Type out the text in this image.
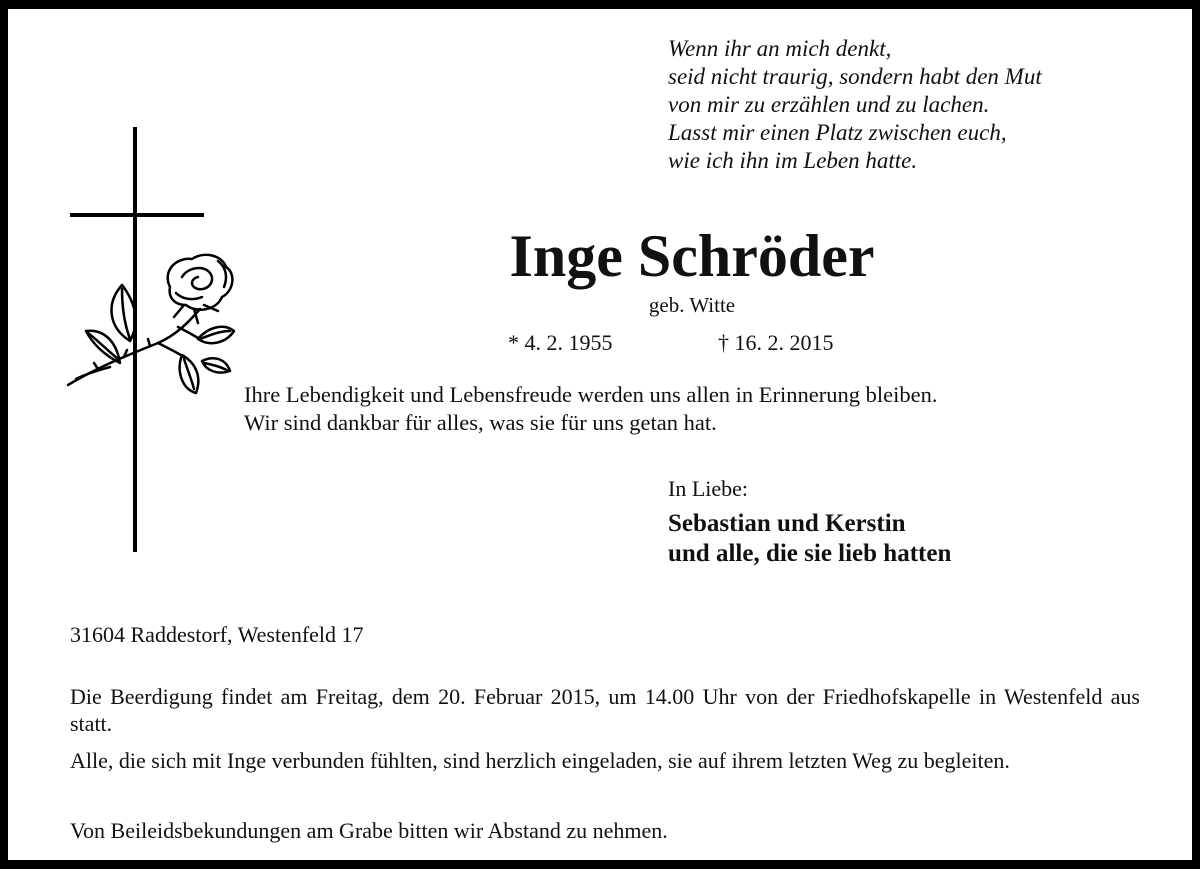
Wenn ihr an mich denkt,
seid nicht traurig, sondern habt den Mut
von mir zu erzählen und zu lachen.
Lasst mir einen Platz zwischen euch,
wie ich ihn im Leben hatte.
Inge Schröder
geb. Witte
* 4. 2. 1955	† 16. 2. 2015
Ihre Lebendigkeit und Lebensfreude werden uns allen in Erinnerung bleiben.
Wir sind dankbar für alles, was sie für uns getan hat.
In Liebe:
Sebastian und Kerstin
und alle, die sie lieb hatten
31604 Raddestorf, Westenfeld 17
Die Beerdigung findet am Freitag, dem 20. Februar 2015, um 14.00 Uhr von der Friedhofskapelle in Westenfeld aus statt.
Alle, die sich mit Inge verbunden fühlten, sind herzlich eingeladen, sie auf ihrem letzten Weg zu begleiten.
Von Beileidsbekundungen am Grabe bitten wir Abstand zu nehmen.
